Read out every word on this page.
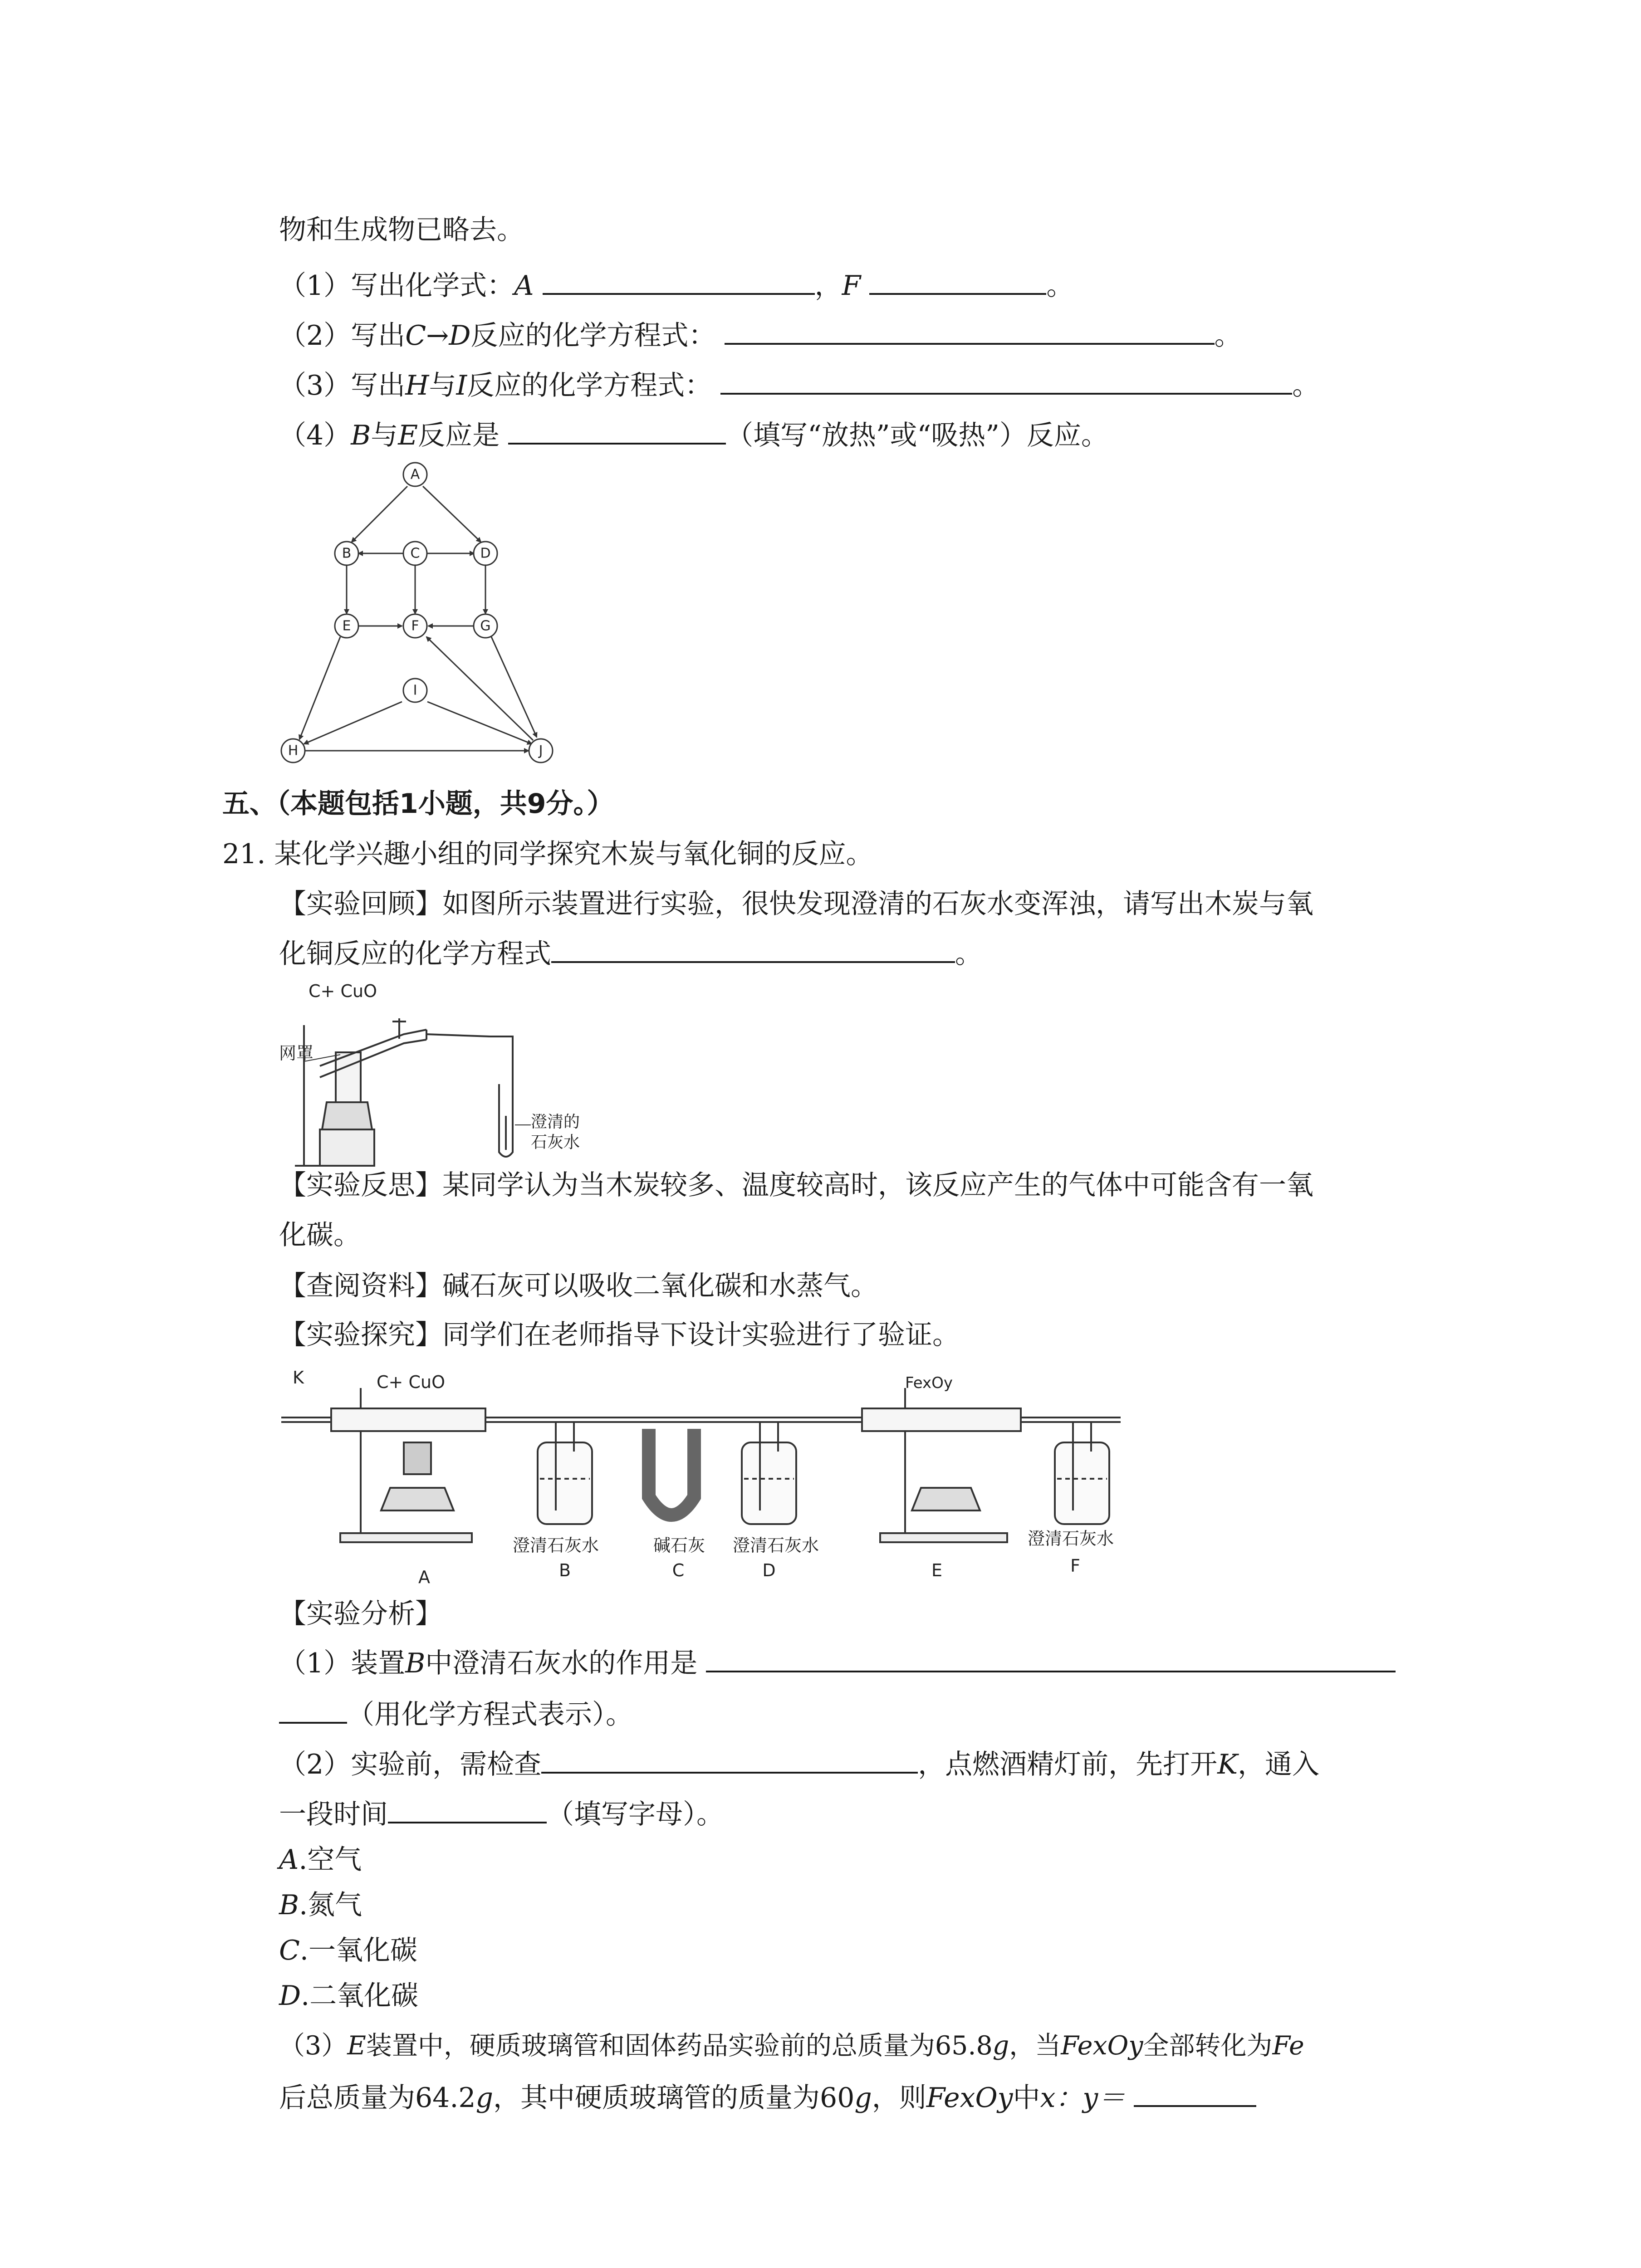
物和生成物已略去。
（1）写出化学式：A	，F	。
（2）写出C→D反应的化学方程式：	。
（3）写出H与I反应的化学方程式：	。
（4）B与E反应是	（填写“放热”或“吸热”）反应。
A
B	C	D
E	F	G
H
I
J
五、（本题包括1小题，共9分。）
21. 某化学兴趣小组的同学探究木炭与氧化铜的反应。
【实验回顾】如图所示装置进行实验，很快发现澄清的石灰水变浑浊，请写出木炭与氧
化铜反应的化学方程式	。
C+ CuO
网罩
澄清的
石灰水
【实验反思】某同学认为当木炭较多、温度较高时，该反应产生的气体中可能含有一氧
化碳。
【查阅资料】碱石灰可以吸收二氧化碳和水蒸气。
【实验探究】同学们在老师指导下设计实验进行了验证。
K	C+ CuO	FexOy
澄清石灰水	碱石灰 澄清石灰水	澄清石灰水
A	B	C	D	E	F
【实验分析】
（1）装置B中澄清石灰水的作用是
（用化学方程式表示）。
（2）实验前，需检查	，点燃酒精灯前，先打开K，通入
一段时间	（填写字母）。
A.空气
B.氮气
C.一氧化碳
D.二氧化碳
（3）E装置中，硬质玻璃管和固体药品实验前的总质量为65.8g，当FexOy全部转化为Fe
后总质量为64.2g，其中硬质玻璃管的质量为60g，则FexOy中x：y＝
